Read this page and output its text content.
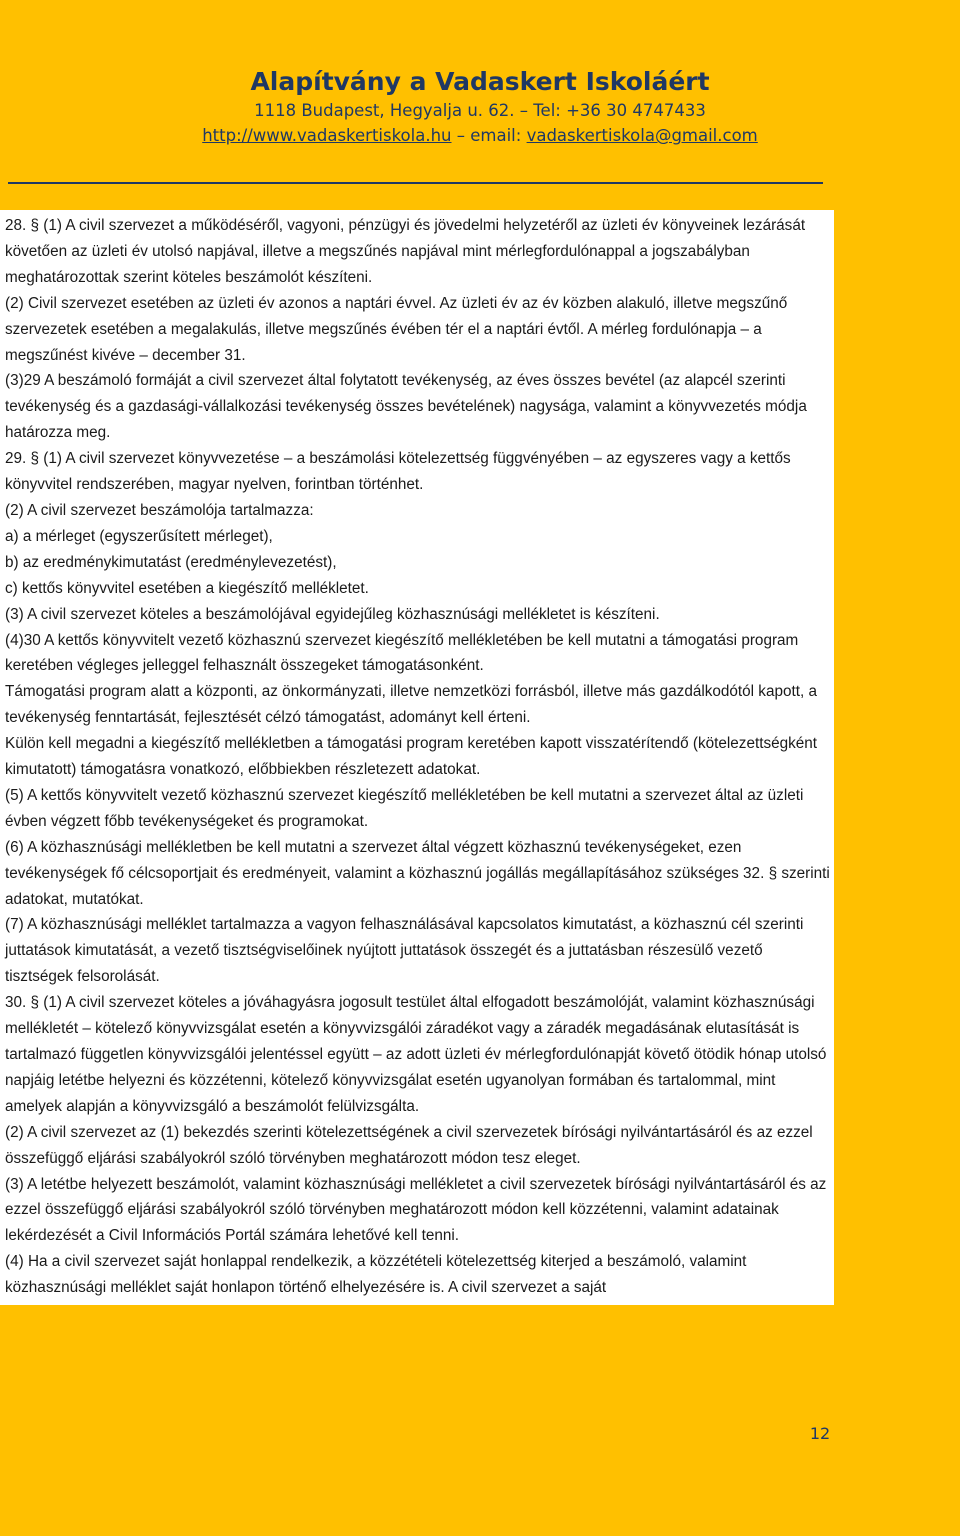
Alapítvány a Vadaskert Iskoláért
1118 Budapest, Hegyalja u. 62. – Tel: +36 30 4747433
http://www.vadaskertiskola.hu – email: vadaskertiskola@gmail.com

28. § (1) A civil szervezet a működéséről, vagyoni, pénzügyi és jövedelmi helyzetéről az üzleti év könyveinek lezárását követően az üzleti év utolsó napjával, illetve a megszűnés napjával mint mérlegfordulónappal a jogszabályban meghatározottak szerint köteles beszámolót készíteni.

(2) Civil szervezet esetében az üzleti év azonos a naptári évvel. Az üzleti év az év közben alakuló, illetve megszűnő szervezetek esetében a megalakulás, illetve megszűnés évében tér el a naptári évtől. A mérleg fordulónapja – a megszűnést kivéve – december 31.

(3)29 A beszámoló formáját a civil szervezet által folytatott tevékenység, az éves összes bevétel (az alapcél szerinti tevékenység és a gazdasági-vállalkozási tevékenység összes bevételének) nagysága, valamint a könyvvezetés módja határozza meg.

29. § (1) A civil szervezet könyvvezetése – a beszámolási kötelezettség függvényében – az egyszeres vagy a kettős könyvvitel rendszerében, magyar nyelven, forintban történhet.

(2) A civil szervezet beszámolója tartalmazza:

a) a mérleget (egyszerűsített mérleget),

b) az eredménykimutatást (eredménylevezetést),

c) kettős könyvvitel esetében a kiegészítő mellékletet.

(3) A civil szervezet köteles a beszámolójával egyidejűleg közhasznúsági mellékletet is készíteni.

(4)30 A kettős könyvvitelt vezető közhasznú szervezet kiegészítő mellékletében be kell mutatni a támogatási program keretében végleges jelleggel felhasznált összegeket támogatásonként.

Támogatási program alatt a központi, az önkormányzati, illetve nemzetközi forrásból, illetve más gazdálkodótól kapott, a tevékenység fenntartását, fejlesztését célzó támogatást, adományt kell érteni.

Külön kell megadni a kiegészítő mellékletben a támogatási program keretében kapott visszatérítendő (kötelezettségként kimutatott) támogatásra vonatkozó, előbbiekben részletezett adatokat.

(5) A kettős könyvvitelt vezető közhasznú szervezet kiegészítő mellékletében be kell mutatni a szervezet által az üzleti évben végzett főbb tevékenységeket és programokat.

(6) A közhasznúsági mellékletben be kell mutatni a szervezet által végzett közhasznú tevékenységeket, ezen tevékenységek fő célcsoportjait és eredményeit, valamint a közhasznú jogállás megállapításához szükséges 32. § szerinti adatokat, mutatókat.

(7) A közhasznúsági melléklet tartalmazza a vagyon felhasználásával kapcsolatos kimutatást, a közhasznú cél szerinti juttatások kimutatását, a vezető tisztségviselőinek nyújtott juttatások összegét és a juttatásban részesülő vezető tisztségek felsorolását.

30. § (1) A civil szervezet köteles a jóváhagyásra jogosult testület által elfogadott beszámolóját, valamint közhasznúsági mellékletét – kötelező könyvvizsgálat esetén a könyvvizsgálói záradékot vagy a záradék megadásának elutasítását is tartalmazó független könyvvizsgálói jelentéssel együtt – az adott üzleti év mérlegfordulónapját követő ötödik hónap utolsó napjáig letétbe helyezni és közzétenni, kötelező könyvvizsgálat esetén ugyanolyan formában és tartalommal, mint amelyek alapján a könyvvizsgáló a beszámolót felülvizsgálta.

(2) A civil szervezet az (1) bekezdés szerinti kötelezettségének a civil szervezetek bírósági nyilvántartásáról és az ezzel összefüggő eljárási szabályokról szóló törvényben meghatározott módon tesz eleget.

(3) A letétbe helyezett beszámolót, valamint közhasznúsági mellékletet a civil szervezetek bírósági nyilvántartásáról és az ezzel összefüggő eljárási szabályokról szóló törvényben meghatározott módon kell közzétenni, valamint adatainak lekérdezését a Civil Információs Portál számára lehetővé kell tenni.

(4) Ha a civil szervezet saját honlappal rendelkezik, a közzétételi kötelezettség kiterjed a beszámoló, valamint közhasznúsági melléklet saját honlapon történő elhelyezésére is. A civil szervezet a saját

12
